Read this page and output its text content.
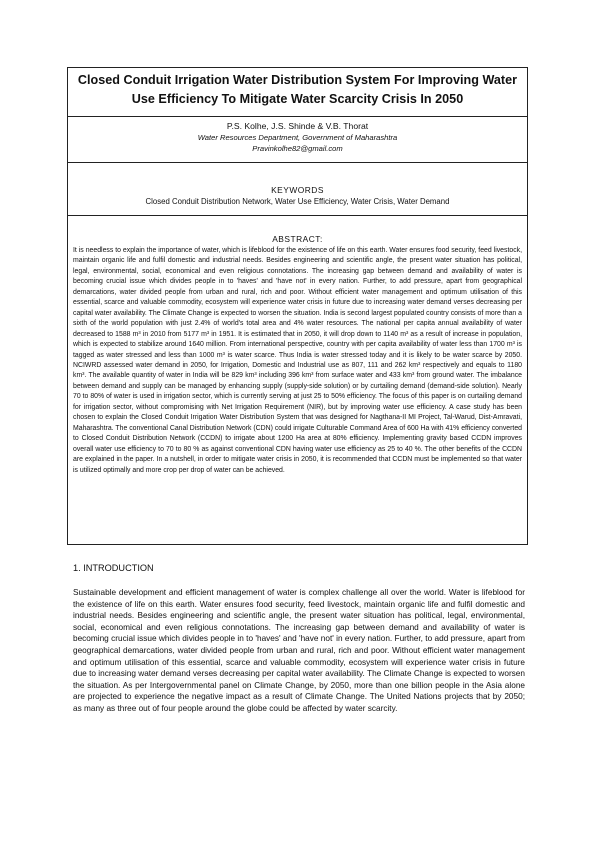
Closed Conduit Irrigation Water Distribution System For Improving Water Use Efficiency To Mitigate Water Scarcity Crisis In 2050

P.S. Kolhe, J.S. Shinde & V.B. Thorat

Water Resources Department, Government of Maharashtra

Pravinkolhe82@gmail.com

KEYWORDS

Closed Conduit Distribution Network, Water Use Efficiency, Water Crisis, Water Demand

ABSTRACT:

It is needless to explain the importance of water, which is lifeblood for the existence of life on this earth. Water ensures food security, feed livestock, maintain organic life and fulfil domestic and industrial needs. Besides engineering and scientific angle, the present water situation has political, legal, environmental, social, economical and even religious connotations. The increasing gap between demand and availability of water is becoming crucial issue which divides people in to 'haves' and 'have not' in every nation. Further, to add pressure, apart from geographical demarcations, water divided people from urban and rural, rich and poor. Without efficient water management and optimum utilisation of this essential, scarce and valuable commodity, ecosystem will experience water crisis in future due to increasing water demand verses decreasing per capital water availability. The Climate Change is expected to worsen the situation. India is second largest populated country consists of more than a sixth of the world population with just 2.4% of world's total area and 4% water resources. The national per capita annual availability of water decreased to 1588 m³ in 2010 from 5177 m³ in 1951. It is estimated that in 2050, it will drop down to 1140 m³ as a result of increase in population, which is expected to stabilize around 1640 million. From international perspective, country with per capita availability of water less than 1700 m³ is tagged as water stressed and less than 1000 m³ is water scarce. Thus India is water stressed today and it is likely to be water scarce by 2050. NCIWRD assessed water demand in 2050, for Irrigation, Domestic and Industrial use as 807, 111 and 262 km³ respectively and equals to 1180 km³. The available quantity of water in India will be 829 km³ including 396 km³ from surface water and 433 km³ from ground water. The imbalance between demand and supply can be managed by enhancing supply (supply-side solution) or by curtailing demand (demand-side solution). Nearly 70 to 80% of water is used in irrigation sector, which is currently serving at just 25 to 50% efficiency. The focus of this paper is on curtailing demand for irrigation sector, without compromising with Net Irrigation Requirement (NIR), but by improving water use efficiency. A case study has been chosen to explain the Closed Conduit Irrigation Water Distribution System that was designed for Nagthana-II MI Project, Tal-Warud, Dist-Amravati, Maharashtra. The conventional Canal Distribution Network (CDN) could irrigate Culturable Command Area of 600 Ha with 41% efficiency converted to Closed Conduit Distribution Network (CCDN) to irrigate about 1200 Ha area at 80% efficiency. Implementing gravity based CCDN improves overall water use efficiency to 70 to 80 % as against conventional CDN having water use efficiency as 25 to 40 %. The other benefits of the CCDN are explained in the paper. In a nutshell, in order to mitigate water crisis in 2050, it is recommended that CCDN must be implemented so that water is utilized optimally and more crop per drop of water can be achieved.

1. INTRODUCTION

Sustainable development and efficient management of water is complex challenge all over the world. Water is lifeblood for the existence of life on this earth. Water ensures food security, feed livestock, maintain organic life and fulfil domestic and industrial needs. Besides engineering and scientific angle, the present water situation has political, legal, environmental, social, economical and even religious connotations. The increasing gap between demand and availability of water is becoming crucial issue which divides people in to 'haves' and 'have not' in every nation. Further, to add pressure, apart from geographical demarcations, water divided people from urban and rural, rich and poor. Without efficient water management and optimum utilisation of this essential, scarce and valuable commodity, ecosystem will experience water crisis in future due to increasing water demand verses decreasing per capital water availability. The Climate Change is expected to worsen the situation. As per Intergovernmental panel on Climate Change, by 2050, more than one billion people in the Asia alone are projected to experience the negative impact as a result of Climate Change. The United Nations projects that by 2050; as many as three out of four people around the globe could be affected by water scarcity.
